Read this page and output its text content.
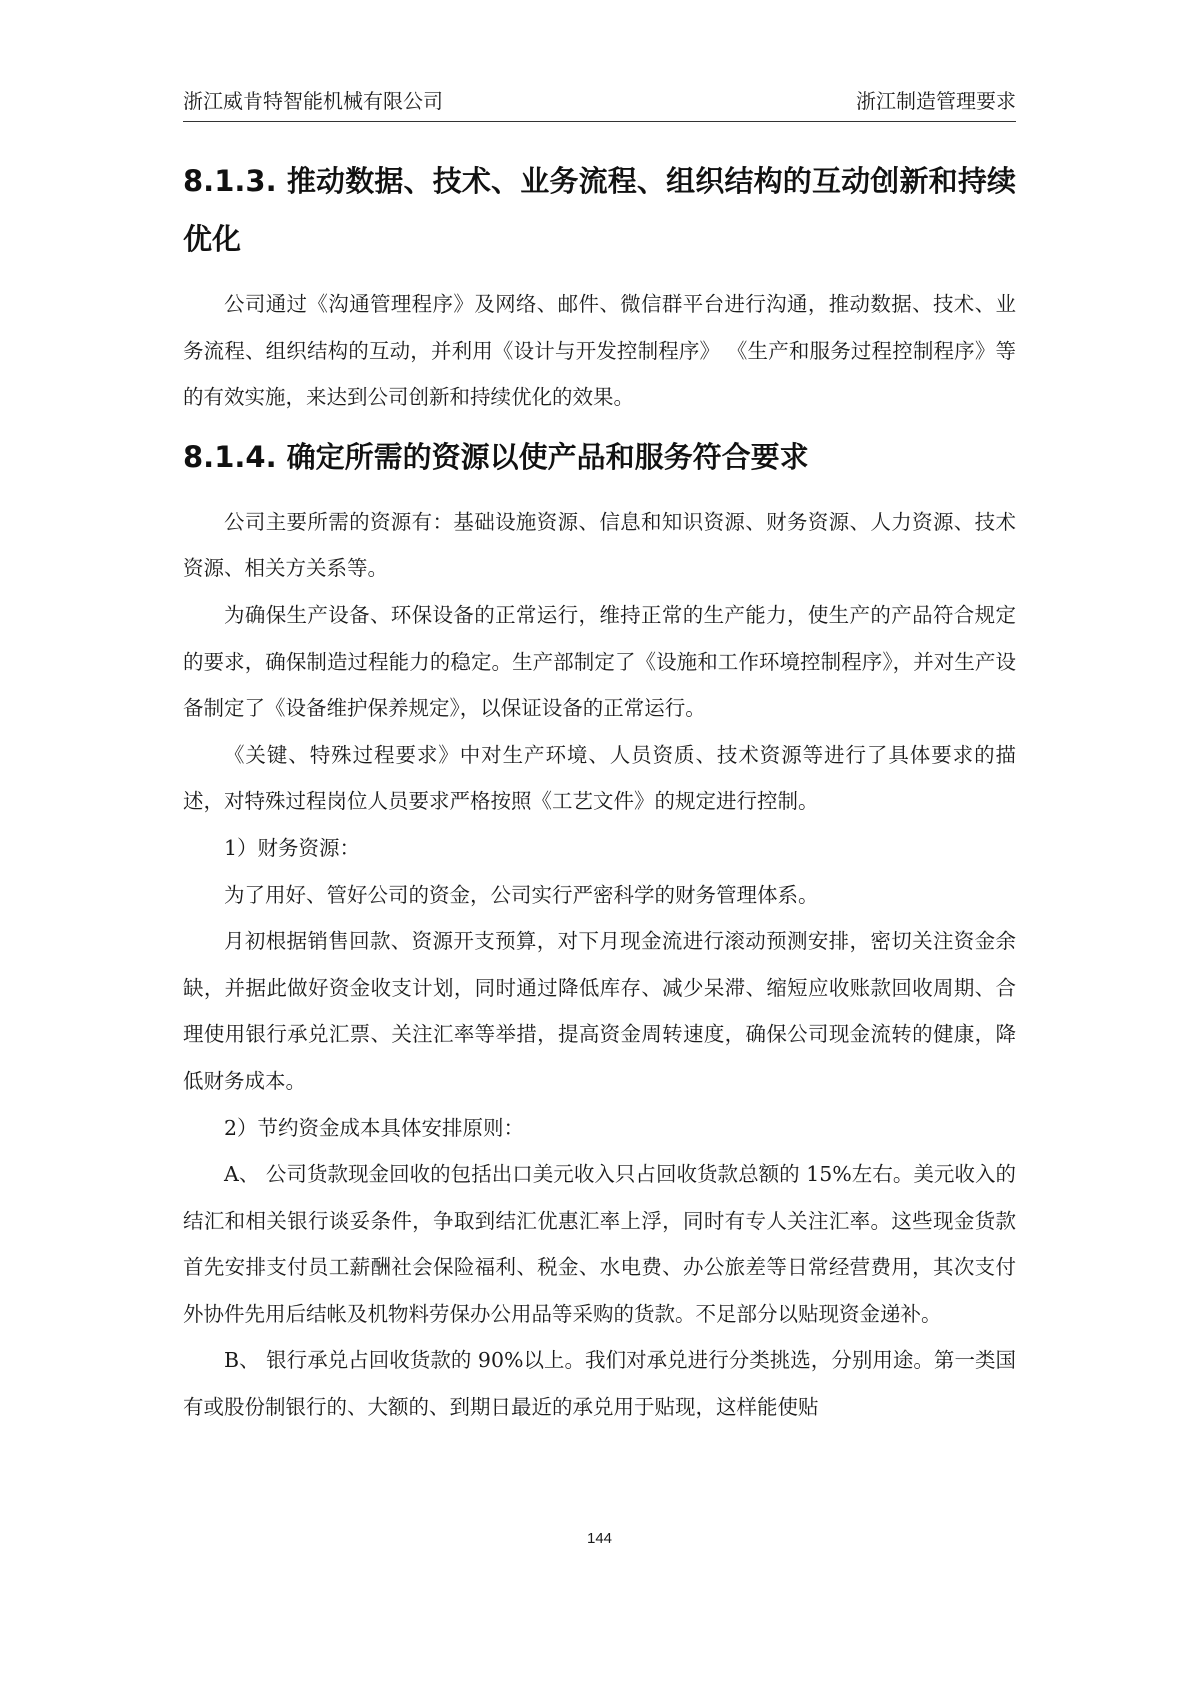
浙江威肯特智能机械有限公司	浙江制造管理要求
8.1.3. 推动数据、技术、业务流程、组织结构的互动创新和持续优化

公司通过《沟通管理程序》及网络、邮件、微信群平台进行沟通，推动数据、技术、业务流程、组织结构的互动，并利用《设计与开发控制程序》 《生产和服务过程控制程序》等的有效实施，来达到公司创新和持续优化的效果。

8.1.4. 确定所需的资源以使产品和服务符合要求

公司主要所需的资源有：基础设施资源、信息和知识资源、财务资源、人力资源、技术资源、相关方关系等。

为确保生产设备、环保设备的正常运行，维持正常的生产能力，使生产的产品符合规定的要求，确保制造过程能力的稳定。生产部制定了《设施和工作环境控制程序》，并对生产设备制定了《设备维护保养规定》，以保证设备的正常运行。

《关键、特殊过程要求》中对生产环境、人员资质、技术资源等进行了具体要求的描述，对特殊过程岗位人员要求严格按照《工艺文件》的规定进行控制。

1）财务资源：

为了用好、管好公司的资金，公司实行严密科学的财务管理体系。

月初根据销售回款、资源开支预算，对下月现金流进行滚动预测安排，密切关注资金余缺，并据此做好资金收支计划，同时通过降低库存、减少呆滞、缩短应收账款回收周期、合理使用银行承兑汇票、关注汇率等举措，提高资金周转速度，确保公司现金流转的健康，降低财务成本。

2）节约资金成本具体安排原则：

A、 公司货款现金回收的包括出口美元收入只占回收货款总额的 15%左右。美元收入的结汇和相关银行谈妥条件，争取到结汇优惠汇率上浮，同时有专人关注汇率。这些现金货款首先安排支付员工薪酬社会保险福利、税金、水电费、办公旅差等日常经营费用，其次支付外协件先用后结帐及机物料劳保办公用品等采购的货款。不足部分以贴现资金递补。

B、 银行承兑占回收货款的 90%以上。我们对承兑进行分类挑选，分别用途。第一类国有或股份制银行的、大额的、到期日最近的承兑用于贴现，这样能使贴

144
